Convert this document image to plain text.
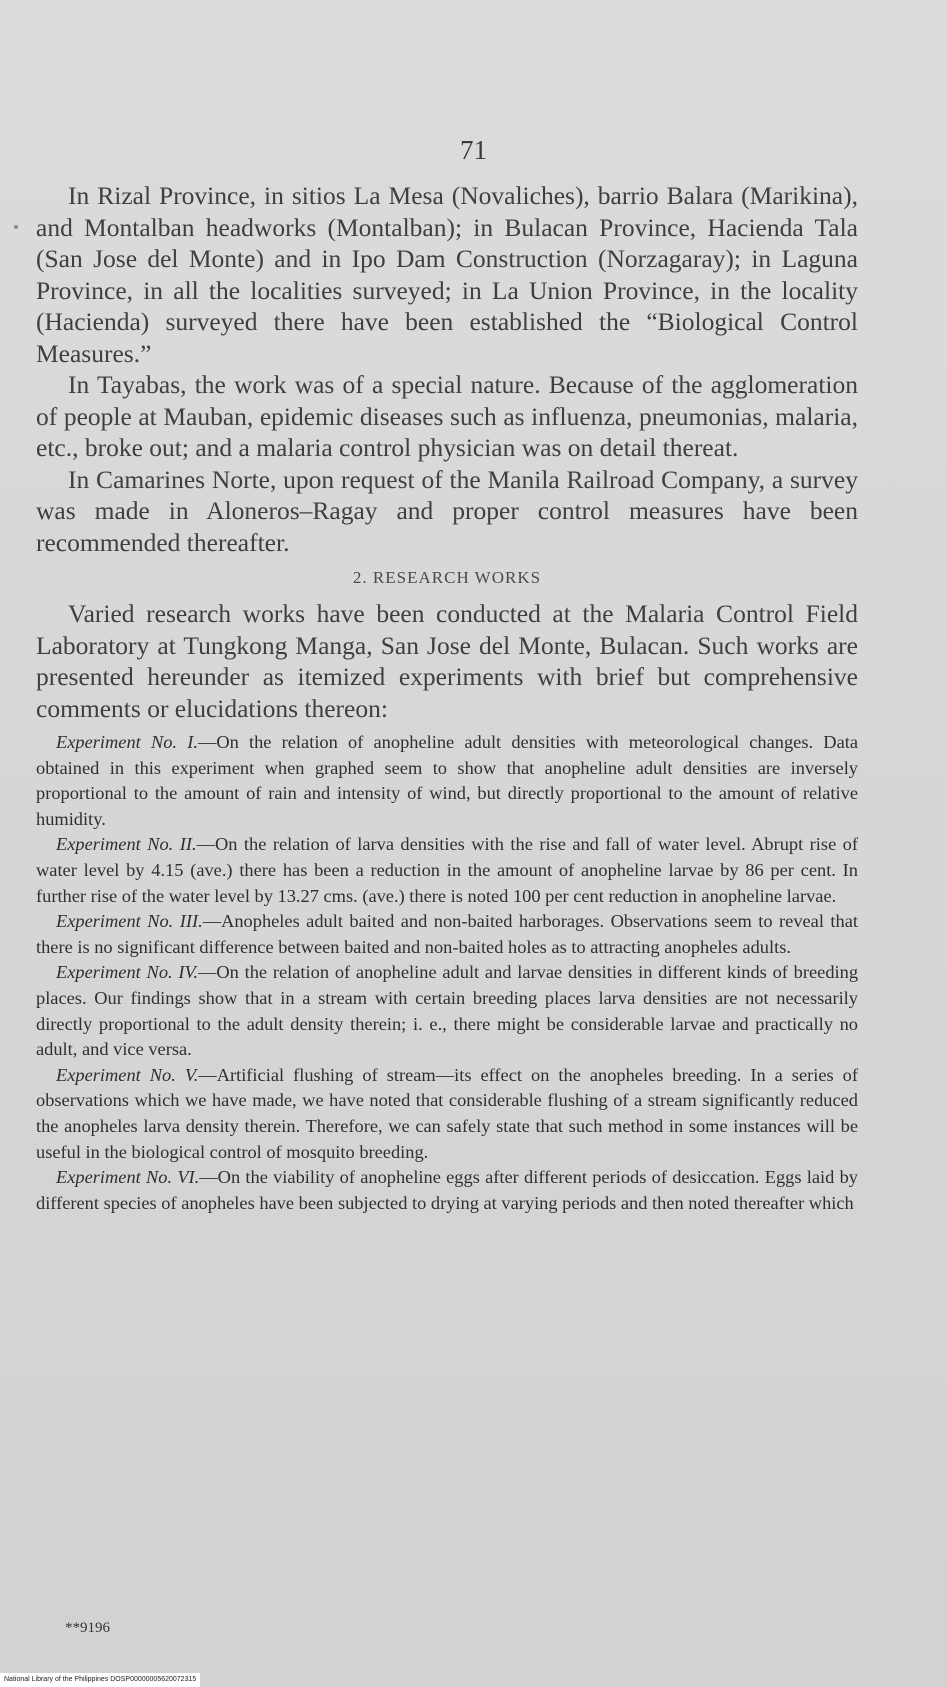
71

In Rizal Province, in sitios La Mesa (Novaliches), barrio Balara (Marikina), and Montalban headworks (Montalban); in Bulacan Province, Hacienda Tala (San Jose del Monte) and in Ipo Dam Construction (Norzagaray); in Laguna Province, in all the localities surveyed; in La Union Province, in the locality (Hacienda) surveyed there have been established the “Biological Control Measures.”

In Tayabas, the work was of a special nature. Because of the agglomeration of people at Mauban, epidemic diseases such as influenza, pneumonias, malaria, etc., broke out; and a malaria control physician was on detail thereat.

In Camarines Norte, upon request of the Manila Railroad Company, a survey was made in Aloneros–Ragay and proper control measures have been recommended thereafter.

2. RESEARCH WORKS

Varied research works have been conducted at the Malaria Control Field Laboratory at Tungkong Manga, San Jose del Monte, Bulacan. Such works are presented hereunder as itemized experiments with brief but comprehensive comments or elucidations thereon:

Experiment No. I.—On the relation of anopheline adult densities with meteorological changes. Data obtained in this experiment when graphed seem to show that anopheline adult densities are inversely proportional to the amount of rain and intensity of wind, but directly proportional to the amount of relative humidity.

Experiment No. II.—On the relation of larva densities with the rise and fall of water level. Abrupt rise of water level by 4.15 (ave.) there has been a reduction in the amount of anopheline larvae by 86 per cent. In further rise of the water level by 13.27 cms. (ave.) there is noted 100 per cent reduction in anopheline larvae.

Experiment No. III.—Anopheles adult baited and non-baited harborages. Observations seem to reveal that there is no significant difference between baited and non-baited holes as to attracting anopheles adults.

Experiment No. IV.—On the relation of anopheline adult and larvae densities in different kinds of breeding places. Our findings show that in a stream with certain breeding places larva densities are not necessarily directly proportional to the adult density therein; i. e., there might be considerable larvae and practically no adult, and vice versa.

Experiment No. V.—Artificial flushing of stream—its effect on the anopheles breeding. In a series of observations which we have made, we have noted that considerable flushing of a stream significantly reduced the anopheles larva density therein. Therefore, we can safely state that such method in some instances will be useful in the biological control of mosquito breeding.

Experiment No. VI.—On the viability of anopheline eggs after different periods of desiccation. Eggs laid by different species of anopheles have been subjected to drying at varying periods and then noted thereafter which

**9196
National Library of the Philippines DOSP00000005620072315
